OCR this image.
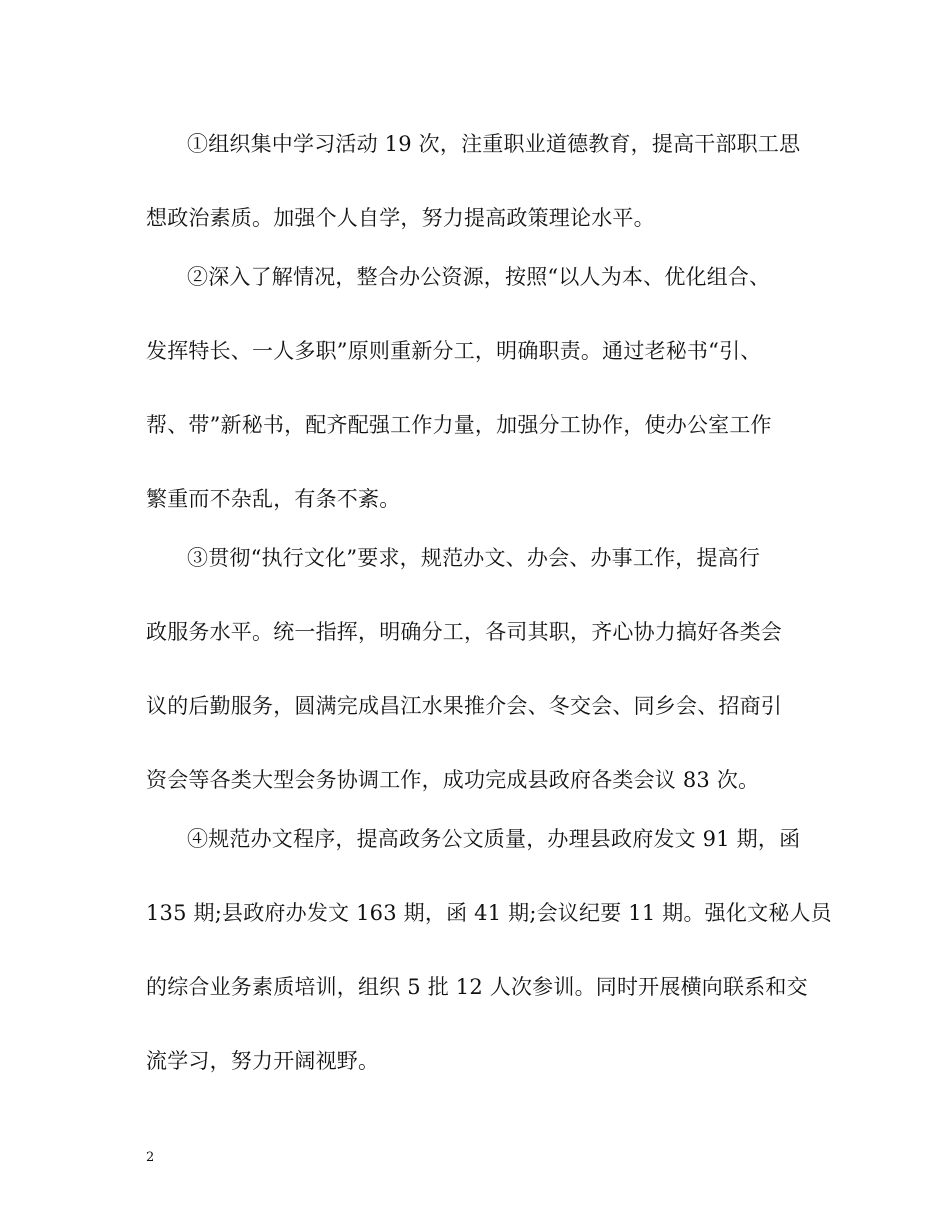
①组织集中学习活动 19 次，注重职业道德教育，提高干部职工思
想政治素质。加强个人自学，努力提高政策理论水平。
②深入了解情况，整合办公资源，按照“以人为本、优化组合、
发挥特长、一人多职”原则重新分工，明确职责。通过老秘书“引、
帮、带”新秘书，配齐配强工作力量，加强分工协作，使办公室工作
繁重而不杂乱，有条不紊。
③贯彻“执行文化”要求，规范办文、办会、办事工作，提高行
政服务水平。统一指挥，明确分工，各司其职，齐心协力搞好各类会
议的后勤服务，圆满完成昌江水果推介会、冬交会、同乡会、招商引
资会等各类大型会务协调工作，成功完成县政府各类会议 83 次。
④规范办文程序，提高政务公文质量，办理县政府发文 91 期，函
135 期;县政府办发文 163 期，函 41 期;会议纪要 11 期。强化文秘人员
的综合业务素质培训，组织 5 批 12 人次参训。同时开展横向联系和交
流学习，努力开阔视野。
2
